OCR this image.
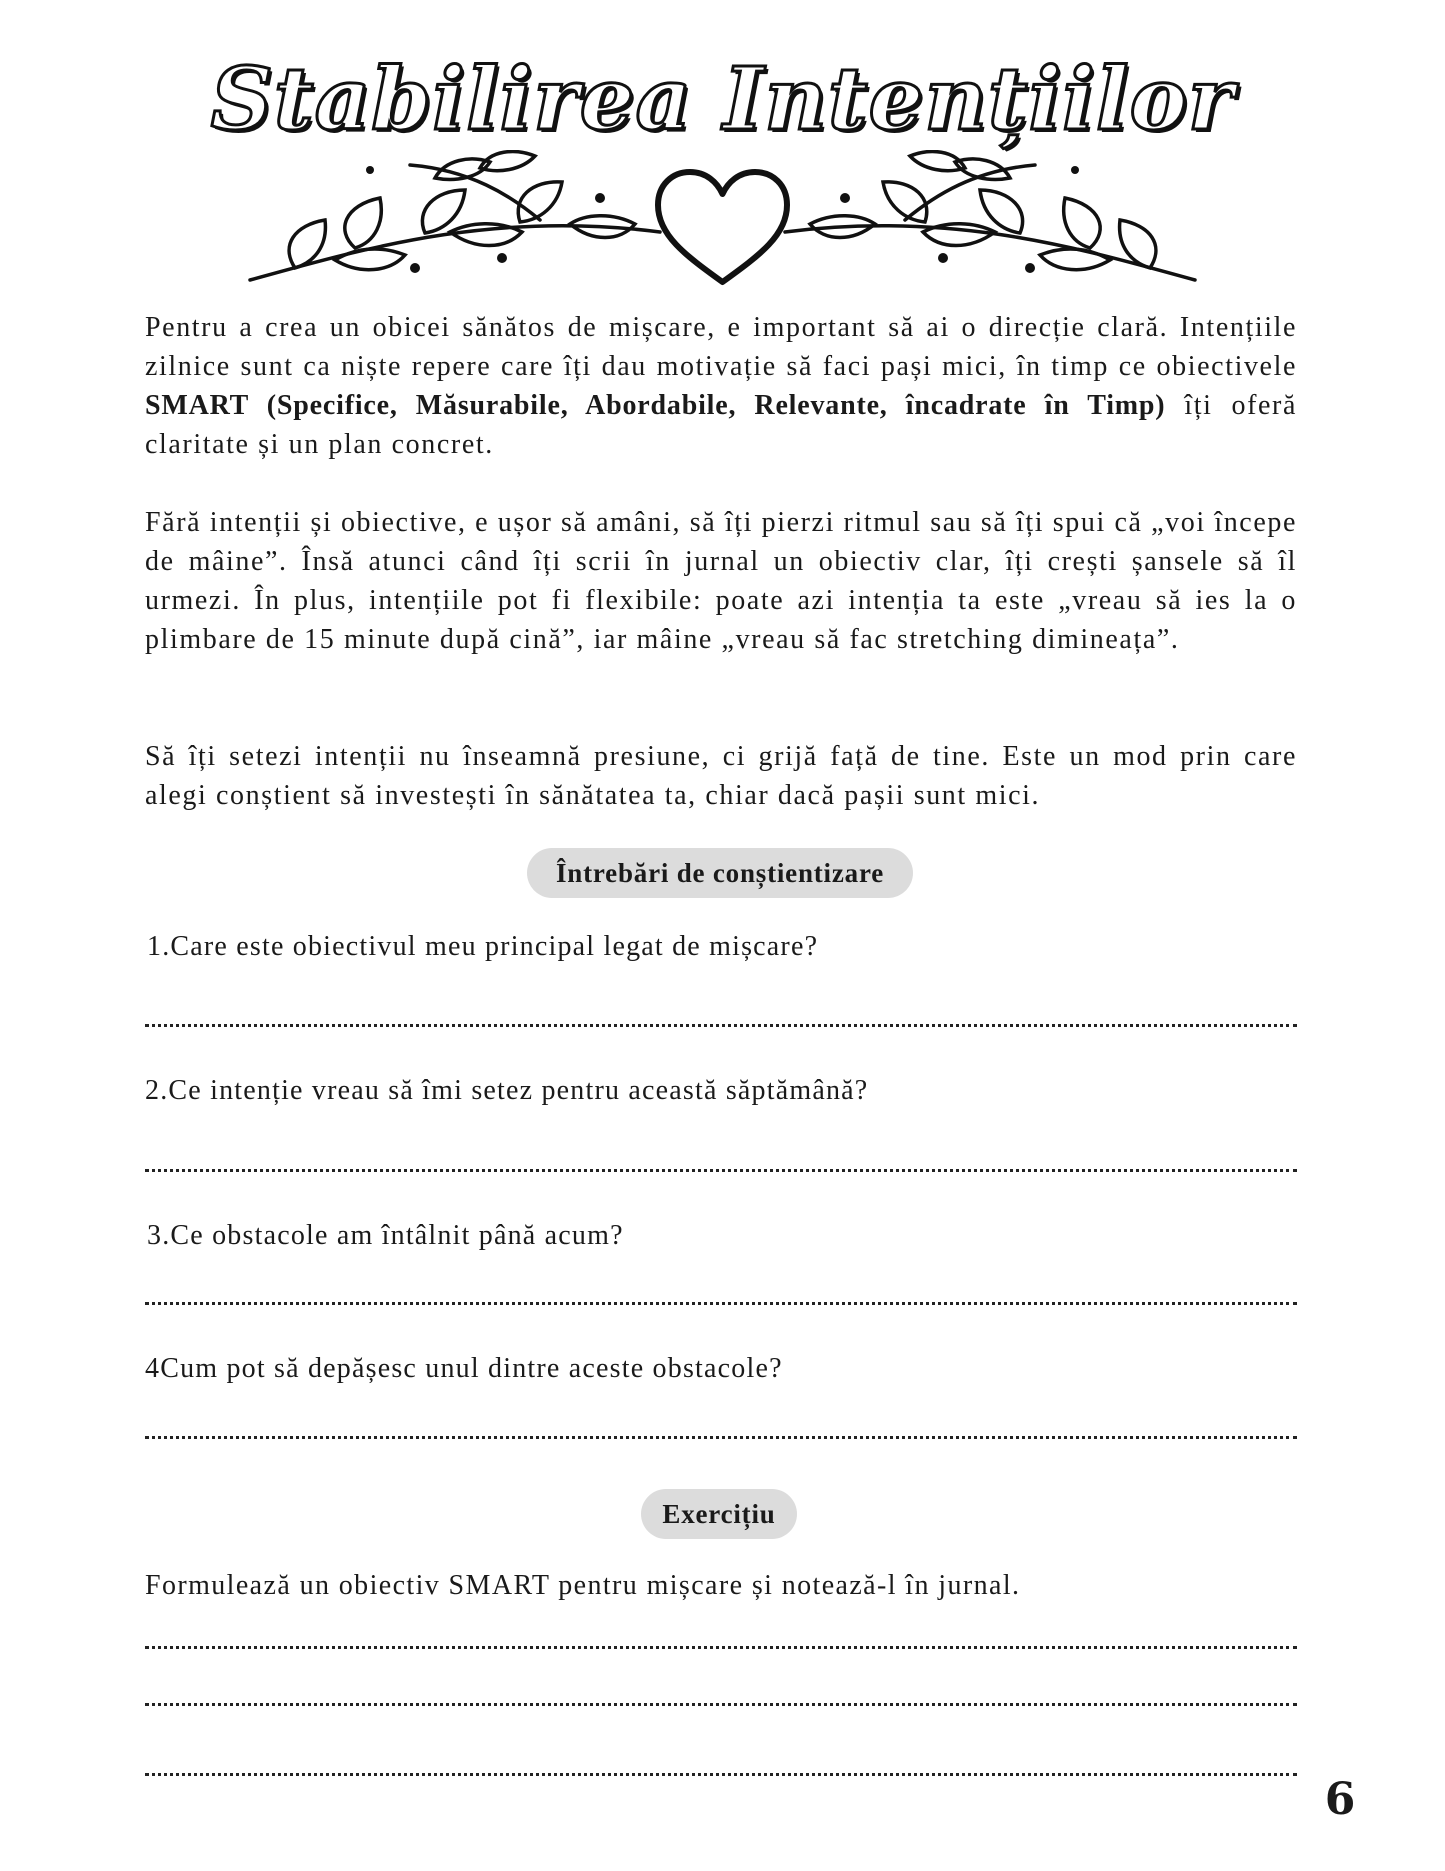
Stabilirea Intențiilor

Pentru a crea un obicei sănătos de mișcare, e important să ai o direcție clară. Intențiile zilnice sunt ca niște repere care îți dau motivație să faci pași mici, în timp ce obiectivele SMART (Specifice, Măsurabile, Abordabile, Relevante, încadrate în Timp) îți oferă claritate și un plan concret.

Fără intenții și obiective, e ușor să amâni, să îți pierzi ritmul sau să îți spui că „voi începe de mâine”. Însă atunci când îți scrii în jurnal un obiectiv clar, îți crești șansele să îl urmezi. În plus, intențiile pot fi flexibile: poate azi intenția ta este „vreau să ies la o plimbare de 15 minute după cină”, iar mâine „vreau să fac stretching dimineața”.

Să îți setezi intenții nu înseamnă presiune, ci grijă față de tine. Este un mod prin care alegi conștient să investești în sănătatea ta, chiar dacă pașii sunt mici.

Întrebări de conștientizare

1.Care este obiectivul meu principal legat de mișcare?

2.Ce intenție vreau să îmi setez pentru această săptămână?

3.Ce obstacole am întâlnit până acum?

4Cum pot să depășesc unul dintre aceste obstacole?

Exercițiu

Formulează un obiectiv SMART pentru mișcare și notează-l în jurnal.

6
